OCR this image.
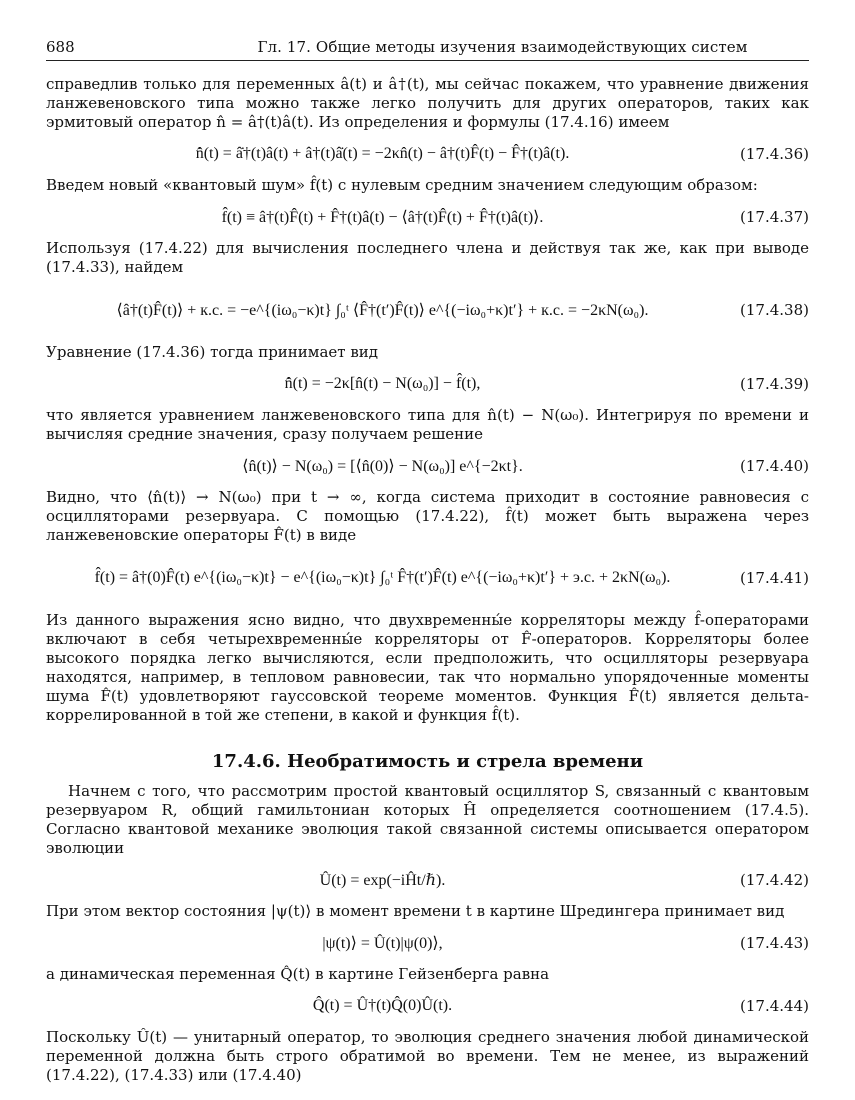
688	Гл. 17. Общие методы изучения взаимодействующих систем

справедлив только для переменных â(t) и â†(t), мы сейчас покажем, что уравнение движения ланжевеновского типа можно также легко получить для других операторов, таких как эрмитовый оператор n̂ = â†(t)â(t). Из определения и формулы (17.4.16) имеем

n̂̇(t) = â̇†(t)â(t) + â†(t)â̇(t) = −2κn̂(t) − â†(t)F̂(t) − F̂†(t)â(t).	(17.4.36)

Введем новый «квантовый шум» f̂(t) с нулевым средним значением следующим образом:

f̂(t) ≡ â†(t)F̂(t) + F̂†(t)â(t) − ⟨â†(t)F̂(t) + F̂†(t)â(t)⟩.	(17.4.37)

Используя (17.4.22) для вычисления последнего члена и действуя так же, как при выводе (17.4.33), найдем

⟨â†(t)F̂(t)⟩ + к.с. = −e^{(iω₀−κ)t} ∫₀ᵗ ⟨F̂†(t′)F̂(t)⟩ e^{(−iω₀+κ)t′} + к.с. = −2κN(ω₀).	(17.4.38)

Уравнение (17.4.36) тогда принимает вид

n̂̇(t) = −2κ[n̂(t) − N(ω₀)] − f̂(t),	(17.4.39)

что является уравнением ланжевеновского типа для n̂(t) − N(ω₀). Интегрируя по времени и вычисляя средние значения, сразу получаем решение

⟨n̂(t)⟩ − N(ω₀) = [⟨n̂(0)⟩ − N(ω₀)] e^{−2κt}.	(17.4.40)

Видно, что ⟨n̂(t)⟩ → N(ω₀) при t → ∞, когда система приходит в состояние равновесия с осцилляторами резервуара. С помощью (17.4.22), f̂(t) может быть выражена через ланжевеновские операторы F̂(t) в виде

f̂(t) = â†(0)F̂(t) e^{(iω₀−κ)t} − e^{(iω₀−κ)t} ∫₀ᵗ F̂†(t′)F̂(t) e^{(−iω₀+κ)t′} + э.с. + 2κN(ω₀).	(17.4.41)

Из данного выражения ясно видно, что двухвременны́е корреляторы между f̂-операторами включают в себя четырехвременны́е корреляторы от F̂-операторов. Корреляторы более высокого порядка легко вычисляются, если предположить, что осцилляторы резервуара находятся, например, в тепловом равновесии, так что нормально упорядоченные моменты шума F̂(t) удовлетворяют гауссовской теореме моментов. Функция F̂(t) является дельта-коррелированной в той же степени, в какой и функция f̂(t).

17.4.6. Необратимость и стрела времени

Начнем с того, что рассмотрим простой квантовый осциллятор S, связанный с квантовым резервуаром R, общий гамильтониан которых Ĥ определяется соотношением (17.4.5). Согласно квантовой механике эволюция такой связанной системы описывается оператором эволюции

Û(t) = exp(−iĤt/ℏ).	(17.4.42)

При этом вектор состояния |ψ(t)⟩ в момент времени t в картине Шредингера принимает вид

|ψ(t)⟩ = Û(t)|ψ(0)⟩,	(17.4.43)

а динамическая переменная Q̂(t) в картине Гейзенберга равна

Q̂(t) = Û†(t)Q̂(0)Û(t).	(17.4.44)

Поскольку Û(t) — унитарный оператор, то эволюция среднего значения любой динамической переменной должна быть строго обратимой во времени. Тем не менее, из выражений (17.4.22), (17.4.33) или (17.4.40)
